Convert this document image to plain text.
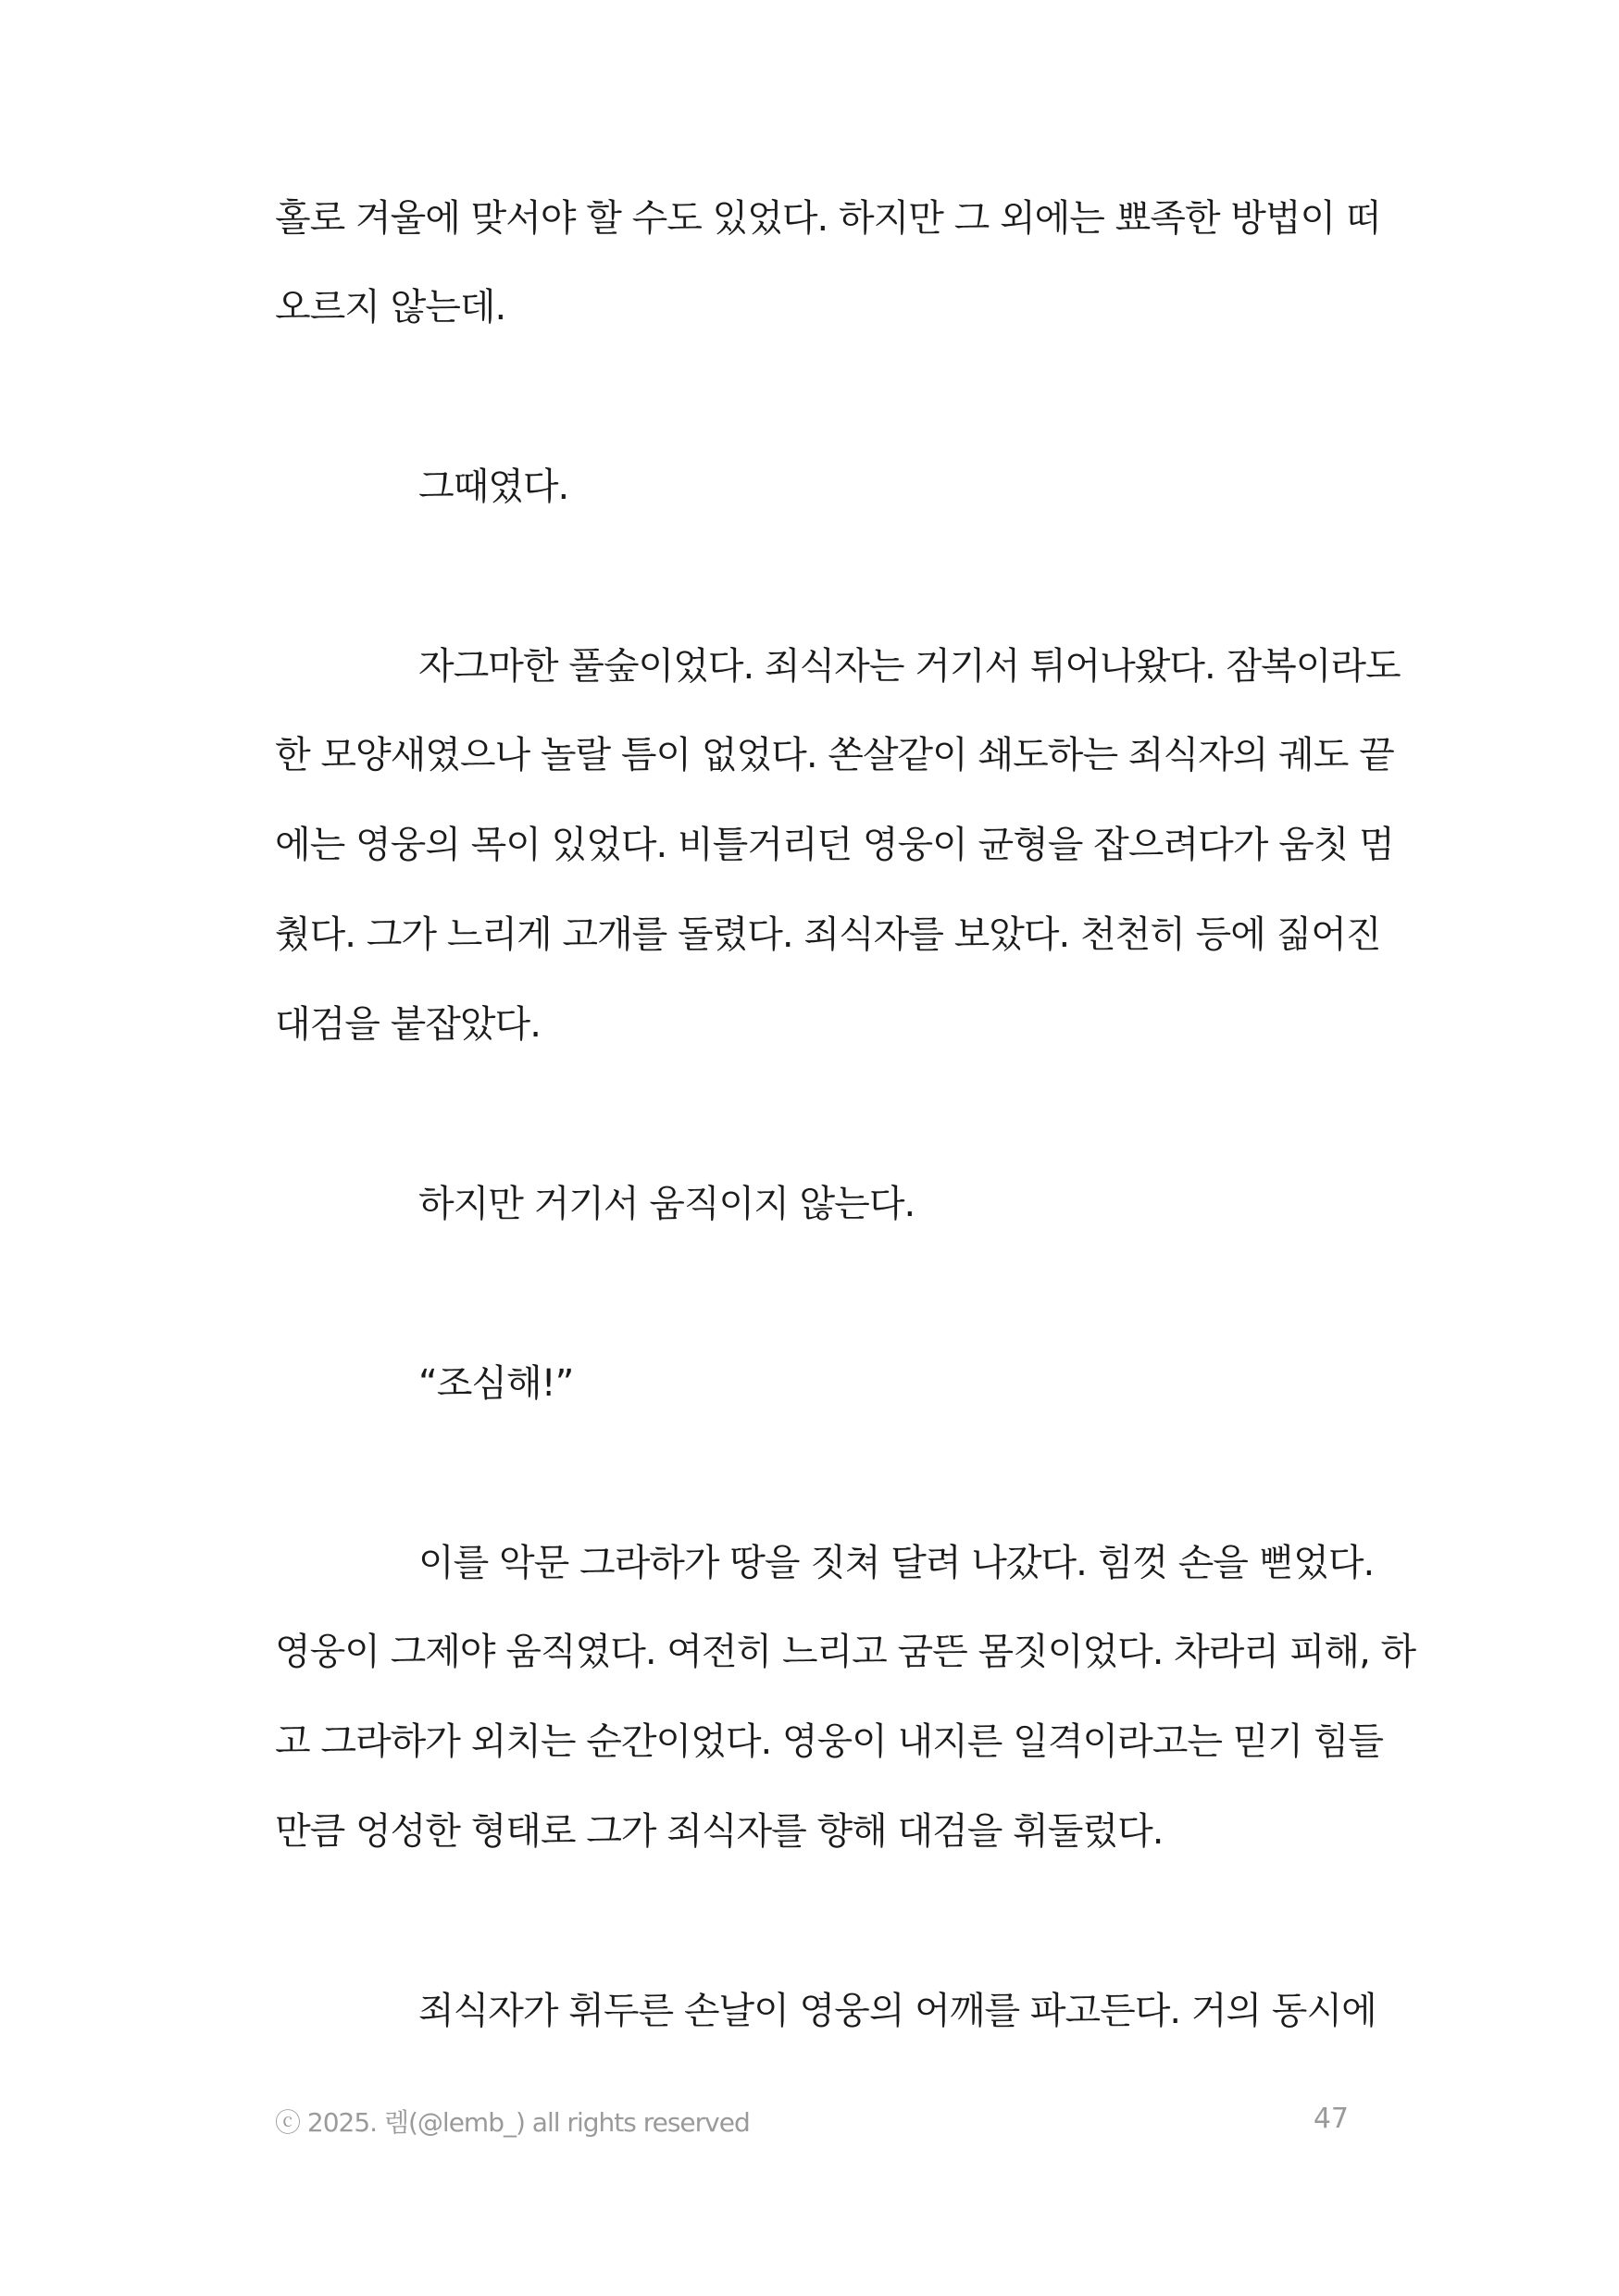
홀로 겨울에 맞서야 할 수도 있었다. 하지만 그 외에는 뾰족한 방법이 떠
오르지 않는데.
그때였다.
자그마한 풀숲이었다. 죄식자는 거기서 튀어나왔다. 잠복이라도
한 모양새였으나 놀랄 틈이 없었다. 쏜살같이 쇄도하는 죄식자의 궤도 끝
에는 영웅의 목이 있었다. 비틀거리던 영웅이 균형을 잡으려다가 움칫 멈
췄다. 그가 느리게 고개를 돌렸다. 죄식자를 보았다. 천천히 등에 짊어진
대검을 붙잡았다.
하지만 거기서 움직이지 않는다.
“조심해!”
이를 악문 그라하가 땅을 짓쳐 달려 나갔다. 힘껏 손을 뻗었다.
영웅이 그제야 움직였다. 여전히 느리고 굼뜬 몸짓이었다. 차라리 피해, 하
고 그라하가 외치는 순간이었다. 영웅이 내지른 일격이라고는 믿기 힘들
만큼 엉성한 형태로 그가 죄식자를 향해 대검을 휘둘렀다.
죄식자가 휘두른 손날이 영웅의 어깨를 파고든다. 거의 동시에
ⓒ 2025. 렘(@lemb_) all rights reserved	47
